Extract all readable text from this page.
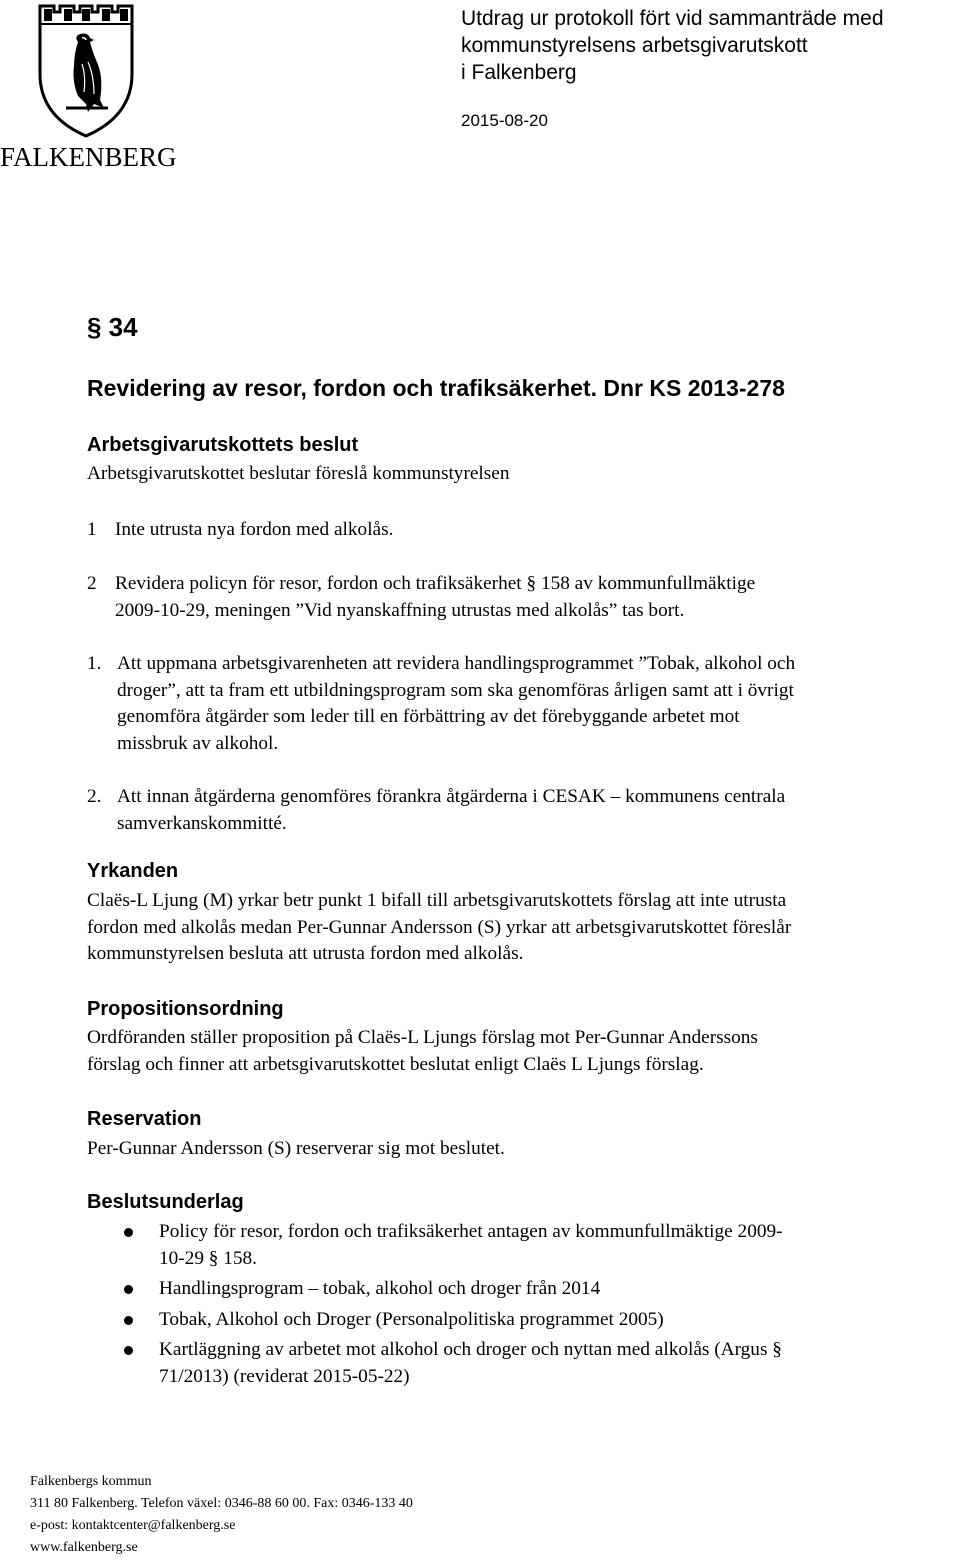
FALKENBERG
Utdrag ur protokoll fört vid sammanträde med
kommunstyrelsens arbetsgivarutskott
i Falkenberg
2015-08-20
§ 34
Revidering av resor, fordon och trafiksäkerhet. Dnr KS 2013-278
Arbetsgivarutskottets beslut
Arbetsgivarutskottet beslutar föreslå kommunstyrelsen
1 Inte utrusta nya fordon med alkolås.
2 Revidera policyn för resor, fordon och trafiksäkerhet § 158 av kommunfullmäktige
2009-10-29, meningen ”Vid nyanskaffning utrustas med alkolås” tas bort.
1. Att uppmana arbetsgivarenheten att revidera handlingsprogrammet ”Tobak, alkohol och
droger”, att ta fram ett utbildningsprogram som ska genomföras årligen samt att i övrigt
genomföra åtgärder som leder till en förbättring av det förebyggande arbetet mot
missbruk av alkohol.
2. Att innan åtgärderna genomföres förankra åtgärderna i CESAK – kommunens centrala
samverkanskommitté.
Yrkanden
Claës-L Ljung (M) yrkar betr punkt 1 bifall till arbetsgivarutskottets förslag att inte utrusta
fordon med alkolås medan Per-Gunnar Andersson (S) yrkar att arbetsgivarutskottet föreslår
kommunstyrelsen besluta att utrusta fordon med alkolås.
Propositionsordning
Ordföranden ställer proposition på Claës-L Ljungs förslag mot Per-Gunnar Anderssons
förslag och finner att arbetsgivarutskottet beslutat enligt Claës L Ljungs förslag.
Reservation
Per-Gunnar Andersson (S) reserverar sig mot beslutet.
Beslutsunderlag
Policy för resor, fordon och trafiksäkerhet antagen av kommunfullmäktige 2009-
10-29 § 158.
Handlingsprogram – tobak, alkohol och droger från 2014
Tobak, Alkohol och Droger (Personalpolitiska programmet 2005)
Kartläggning av arbetet mot alkohol och droger och nyttan med alkolås (Argus §
71/2013) (reviderat 2015-05-22)
Falkenbergs kommun
311 80 Falkenberg. Telefon växel: 0346-88 60 00. Fax: 0346-133 40
e-post: kontaktcenter@falkenberg.se
www.falkenberg.se
